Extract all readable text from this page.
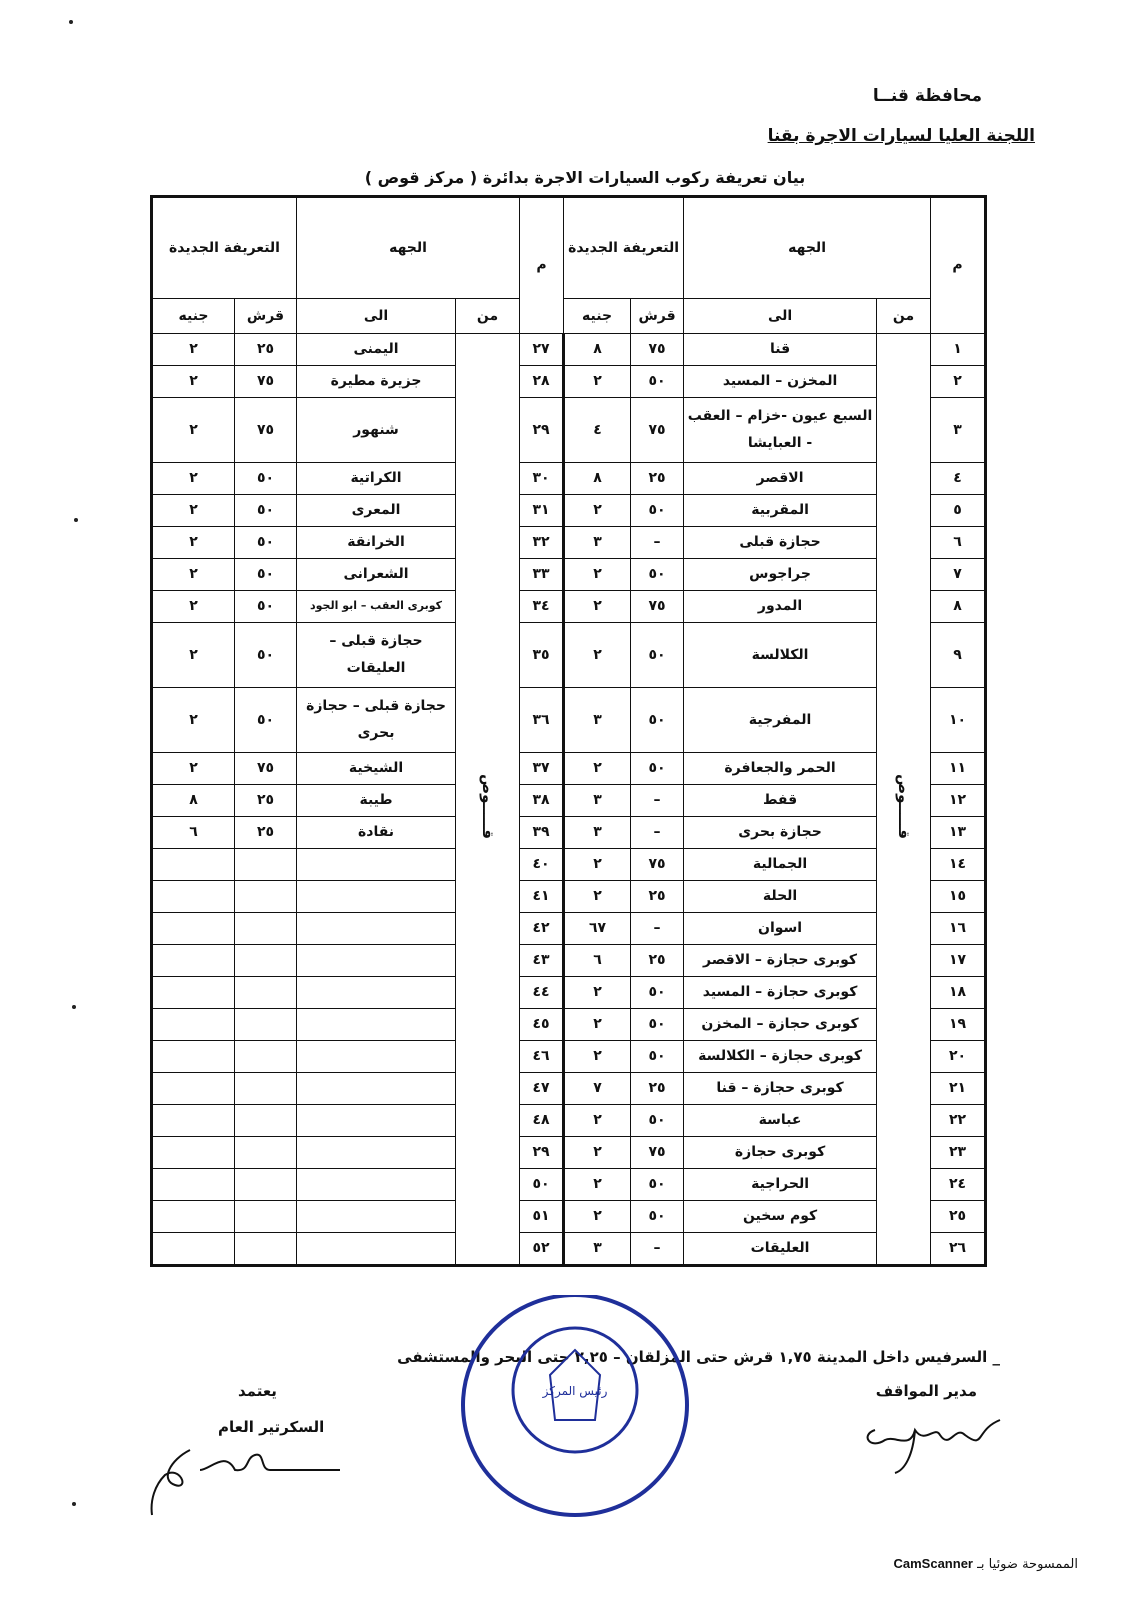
محافظة قنــا
اللجنة العليا لسيارات الاجرة بقنا
بيان تعريفة ركوب السيارات الاجرة بدائرة ( مركز قوص )
م	الجهه		التعريفة الجديدة		م	الجهه		التعريفة الجديدة	
	من	الى	قرش	جنيه		من	الى	قرش	جنيه
١	قـــــوص	قنا	٧٥	٨	٢٧	قـــــوص	اليمنى	٢٥	٢
٢		المخزن – المسيد	٥٠	٢	٢٨		جزيرة مطيرة	٧٥	٢
٣		السبع عيون -خزام – العقب - العبايشا	٧٥	٤	٢٩		شنهور	٧٥	٢
٤		الاقصر	٢٥	٨	٣٠		الكراتية	٥٠	٢
٥		المقربية	٥٠	٢	٣١		المعرى	٥٠	٢
٦		حجازة قبلى	–	٣	٣٢		الخرانقة	٥٠	٢
٧		جراجوس	٥٠	٢	٣٣		الشعرانى	٥٠	٢
٨		المدور	٧٥	٢	٣٤		كوبرى العقب – ابو الجود	٥٠	٢
٩		الكلالسة	٥٠	٢	٣٥		حجازة قبلى – العليقات	٥٠	٢
١٠		المفرجية	٥٠	٣	٣٦		حجازة قبلى – حجازة بحرى	٥٠	٢
١١		الحمر والجعافرة	٥٠	٢	٣٧		الشيخية	٧٥	٢
١٢		قفط	–	٣	٣٨		طيبة	٢٥	٨
١٣		حجازة بحرى	–	٣	٣٩		نقادة	٢٥	٦
١٤		الجمالية	٧٥	٢	٤٠				
١٥		الحلة	٢٥	٢	٤١				
١٦		اسوان	–	٦٧	٤٢				
١٧		كوبرى حجازة – الاقصر	٢٥	٦	٤٣				
١٨		كوبرى حجازة – المسيد	٥٠	٢	٤٤				
١٩		كوبرى حجازة – المخزن	٥٠	٢	٤٥				
٢٠		كوبرى حجازة – الكلالسة	٥٠	٢	٤٦				
٢١		كوبرى حجازة – قنا	٢٥	٧	٤٧				
٢٢		عباسة	٥٠	٢	٤٨				
٢٣		كوبرى حجازة	٧٥	٢	٢٩				
٢٤		الحراجية	٥٠	٢	٥٠				
٢٥		كوم سخين	٥٠	٢	٥١				
٢٦		العليقات	–	٣	٥٢				
_ السرفيس داخل المدينة ١,٧٥ قرش حتى المزلقان – ٢,٢٥ حتى البحر والمستشفى
مدير المواقف
يعتمد
السكرتير العام
رئيس المركز
الممسوحة ضوئيا بـ CamScanner
